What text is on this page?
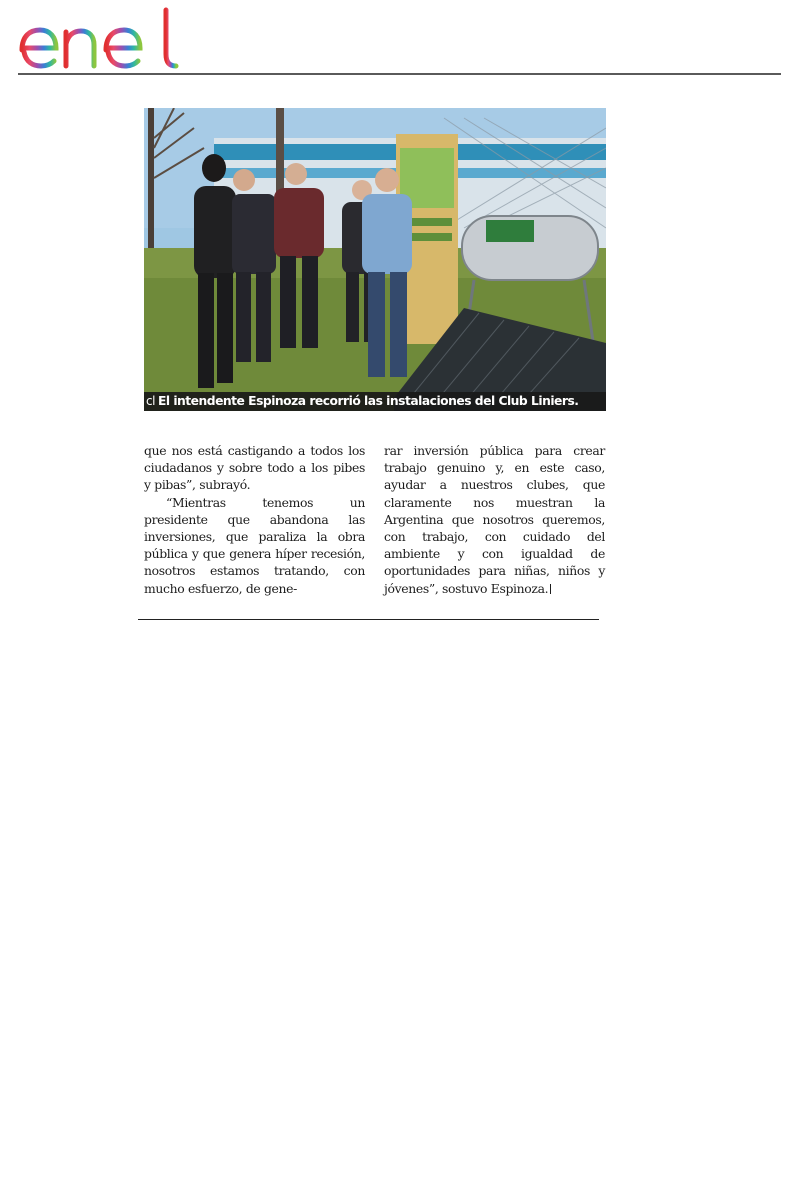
cl El intendente Espinoza recorrió las instalaciones del Club Liniers.

que nos está castigando a todos los ciudadanos y sobre todo a los pibes y pibas”, subrayó.

“Mientras tenemos un presidente que abandona las inversiones, que paraliza la obra pública y que genera híper recesión, nosotros estamos tratando, con mucho esfuerzo, de gene-

rar inversión pública para crear trabajo genuino y, en este caso, ayudar a nuestros clubes, que claramente nos muestran la Argentina que nosotros queremos, con trabajo, con cuidado del ambiente y con igualdad de oportunidades para niñas, niños y jóvenes”, sostuvo Espinoza.
